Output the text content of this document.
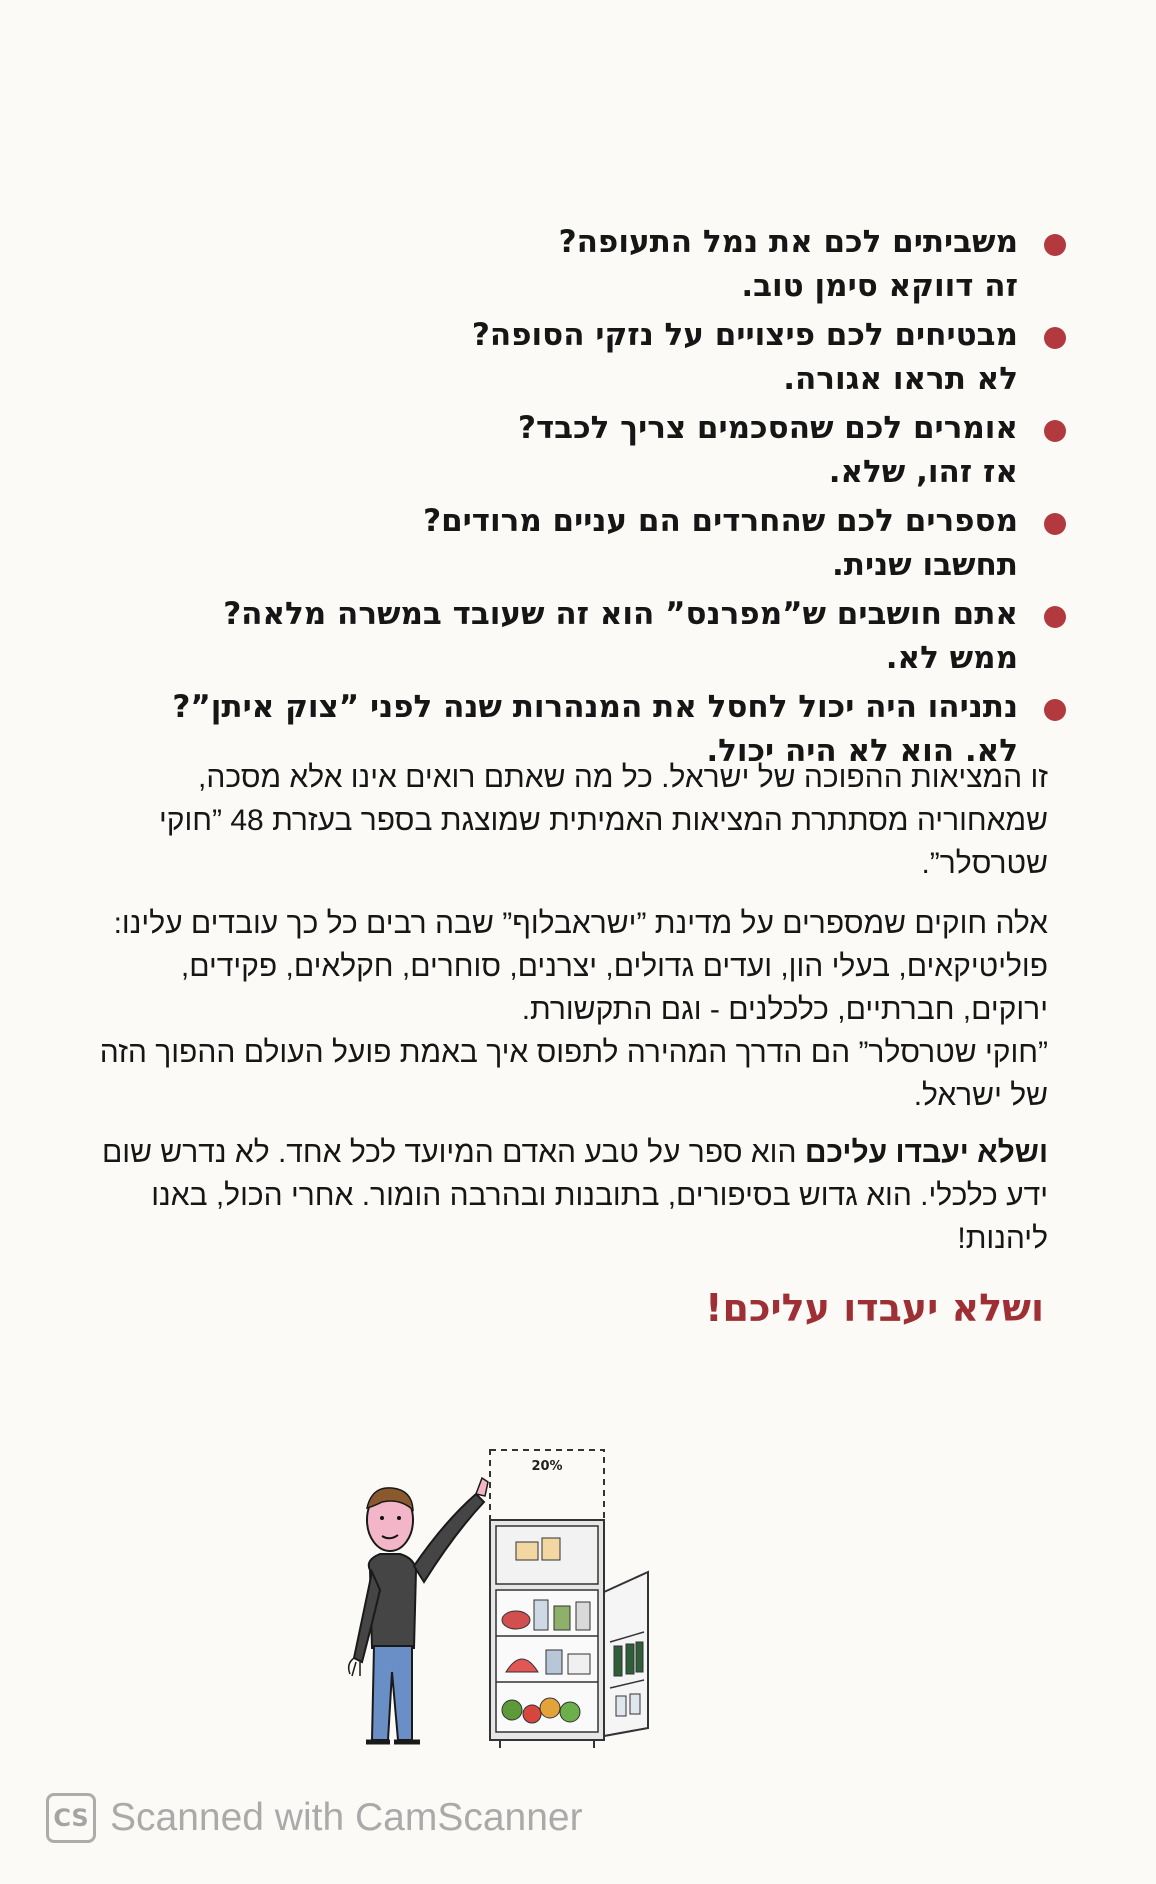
משביתים לכם את נמל התעופה?
זה דווקא סימן טוב.
מבטיחים לכם פיצויים על נזקי הסופה?
לא תראו אגורה.
אומרים לכם שהסכמים צריך לכבד?
אז זהו, שלא.
מספרים לכם שהחרדים הם עניים מרודים?
תחשבו שנית.
אתם חושבים ש”מפרנס” הוא זה שעובד במשרה מלאה?
ממש לא.
נתניהו היה יכול לחסל את המנהרות שנה לפני ”צוק איתן”?
לא. הוא לא היה יכול.

זו המציאות ההפוכה של ישראל. כל מה שאתם רואים אינו אלא מסכה, שמאחוריה מסתתרת המציאות האמיתית שמוצגת בספר בעזרת 48 ”חוקי שטרסלר”.

אלה חוקים שמספרים על מדינת ”ישראבלוף” שבה רבים כל כך עובדים עלינו: פוליטיקאים, בעלי הון, ועדים גדולים, יצרנים, סוחרים, חקלאים, פקידים, ירוקים, חברתיים, כלכלנים - וגם התקשורת.
”חוקי שטרסלר” הם הדרך המהירה לתפוס איך באמת פועל העולם ההפוך הזה של ישראל.

ושלא יעבדו עליכם הוא ספר על טבע האדם המיועד לכל אחד. לא נדרש שום ידע כלכלי. הוא גדוש בסיפורים, בתובנות ובהרבה הומור. אחרי הכול, באנו ליהנות!

ושלא יעבדו עליכם!
20%
CS Scanned with CamScanner
